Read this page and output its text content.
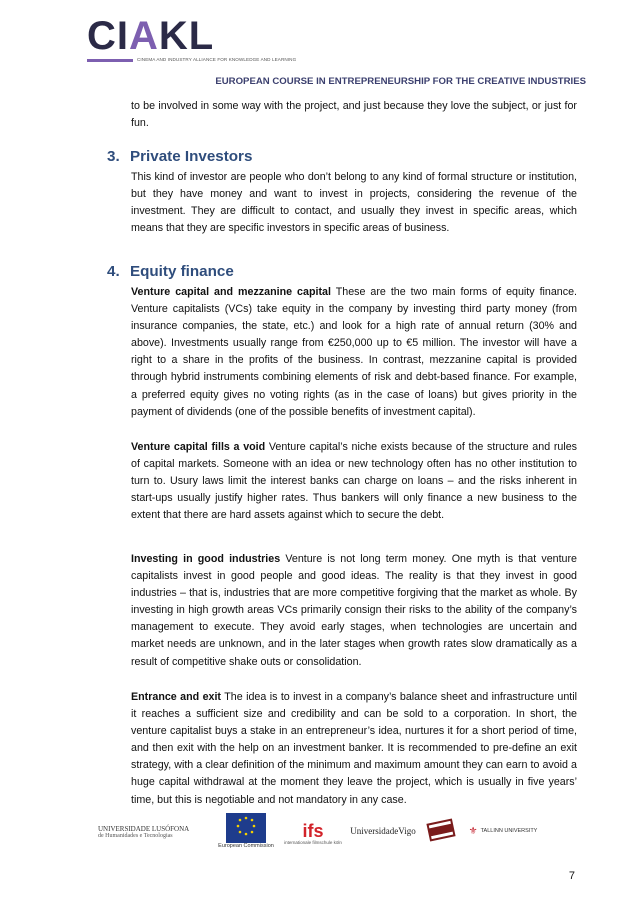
CIAKL
CINEMA AND INDUSTRY ALLIANCE FOR KNOWLEDGE AND LEARNING
EUROPEAN COURSE IN ENTREPRENEURSHIP FOR THE CREATIVE INDUSTRIES

to be involved in some way with the project, and just because they love the subject, or just for fun.

3. Private Investors

This kind of investor are people who don’t belong to any kind of formal structure or institution, but they have money and want to invest in projects, considering the revenue of the investment. They are difficult to contact, and usually they invest in specific areas, which means that they are specific investors in specific areas of business.

4. Equity finance

Venture capital and mezzanine capital These are the two main forms of equity finance. Venture capitalists (VCs) take equity in the company by investing third party money (from insurance companies, the state, etc.) and look for a high rate of annual return (30% and above). Investments usually range from €250,000 up to €5 million. The investor will have a right to a share in the profits of the business. In contrast, mezzanine capital is provided through hybrid instruments combining elements of risk and debt-based finance. For example, a preferred equity gives no voting rights (as in the case of loans) but gives priority in the payment of dividends (one of the possible benefits of investment capital).

Venture capital fills a void Venture capital’s niche exists because of the structure and rules of capital markets. Someone with an idea or new technology often has no other institution to turn to. Usury laws limit the interest banks can charge on loans – and the risks inherent in start-ups usually justify higher rates. Thus bankers will only finance a new business to the extent that there are hard assets against which to secure the debt.

Investing in good industries Venture is not long term money. One myth is that venture capitalists invest in good people and good ideas. The reality is that they invest in good industries – that is, industries that are more competitive forgiving that the market as whole. By investing in high growth areas VCs primarily consign their risks to the ability of the company’s management to execute. They avoid early stages, when technologies are uncertain and market needs are unknown, and in the later stages when growth rates slow dramatically as a result of competitive shake outs or consolidation.

Entrance and exit The idea is to invest in a company’s balance sheet and infrastructure until it reaches a sufficient size and credibility and can be sold to a corporation. In short, the venture capitalist buys a stake in an entrepreneur’s idea, nurtures it for a short period of time, and then exit with the help on an investment banker. It is recommended to pre-define an exit strategy, with a clear definition of the minimum and maximum amount they can earn to avoid a huge capital withdrawal at the moment they leave the project, which is usually in five years’ time, but this is negotiable and not mandatory in any case.

UNIVERSIDADE LUSÓFONA
de Humanidades e Tecnologias
European Commission
ifs
internationale filmschule köln
UniversidadeVigo	⚜ TALLINN UNIVERSITY
7
